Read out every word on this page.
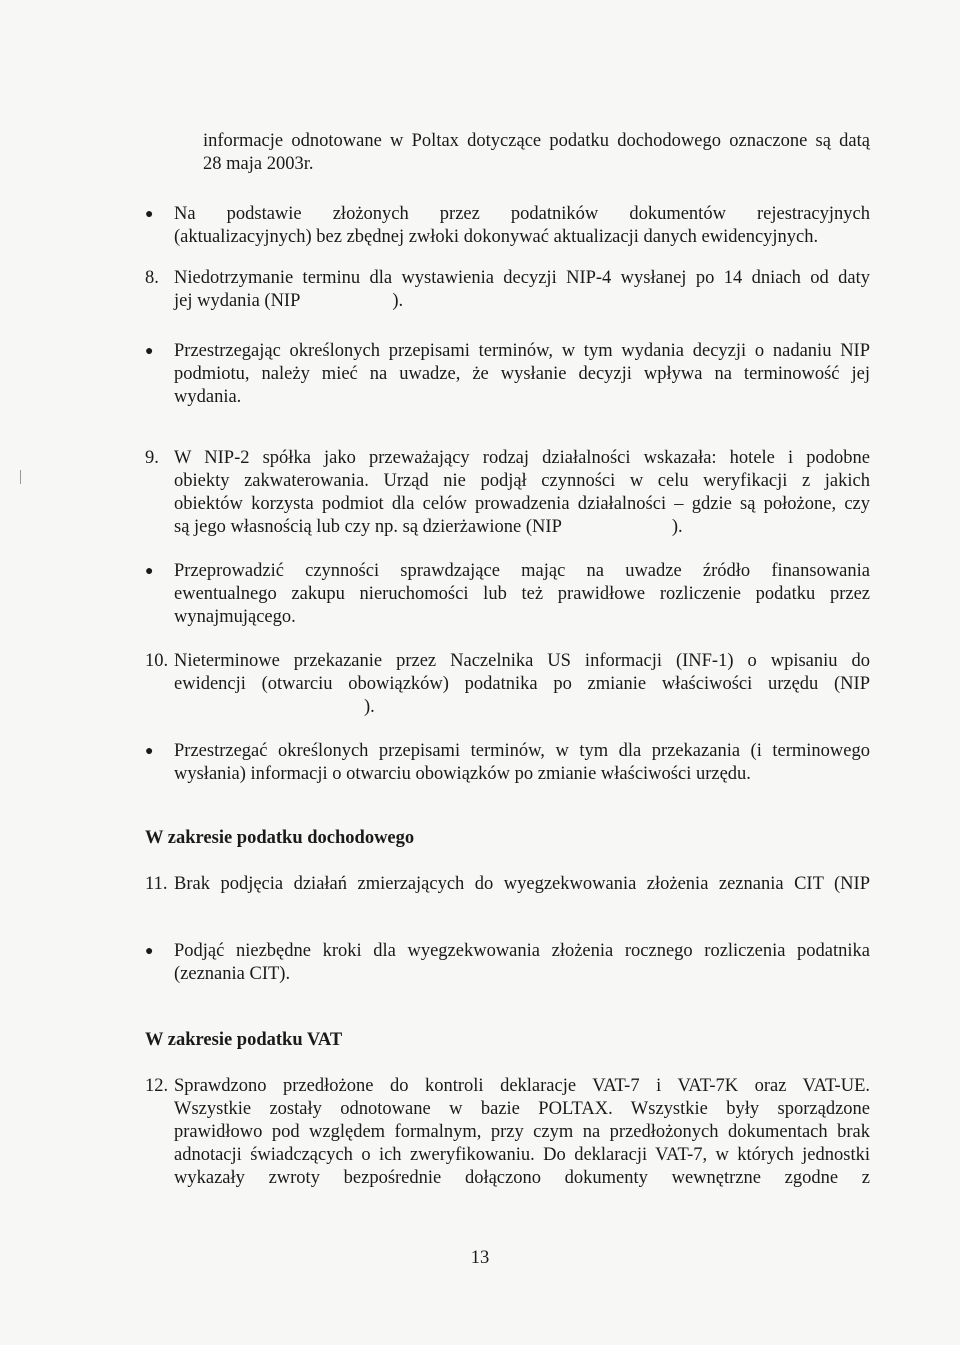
informacje odnotowane w Poltax dotyczące podatku dochodowego oznaczone są datą
28 maja 2003r.
●	Na podstawie złożonych przez podatników dokumentów rejestracyjnych
(aktualizacyjnych) bez zbędnej zwłoki dokonywać aktualizacji danych ewidencyjnych.
8. Niedotrzymanie terminu dla wystawienia decyzji NIP-4 wysłanej po 14 dniach od daty
jej wydania (NIP	).
●	Przestrzegając określonych przepisami terminów, w tym wydania decyzji o nadaniu NIP
podmiotu, należy mieć na uwadze, że wysłanie decyzji wpływa na terminowość jej
wydania.
9. W NIP-2 spółka jako przeważający rodzaj działalności wskazała: hotele i podobne
obiekty zakwaterowania. Urząd nie podjął czynności w celu weryfikacji z jakich
obiektów korzysta podmiot dla celów prowadzenia działalności – gdzie są położone, czy
są jego własnością lub czy np. są dzierżawione (NIP	).
●	Przeprowadzić czynności sprawdzające mając na uwadze źródło finansowania
ewentualnego zakupu nieruchomości lub też prawidłowe rozliczenie podatku przez
wynajmującego.
10. Nieterminowe przekazanie przez Naczelnika US informacji (INF-1) o wpisaniu do
ewidencji (otwarciu obowiązków) podatnika po zmianie właściwości urzędu (NIP
).
●	Przestrzegać określonych przepisami terminów, w tym dla przekazania (i terminowego
wysłania) informacji o otwarciu obowiązków po zmianie właściwości urzędu.
W zakresie podatku dochodowego
11. Brak podjęcia działań zmierzających do wyegzekwowania złożenia zeznania CIT (NIP
●	Podjąć niezbędne kroki dla wyegzekwowania złożenia rocznego rozliczenia podatnika
(zeznania CIT).
W zakresie podatku VAT
12. Sprawdzono przedłożone do kontroli deklaracje VAT-7 i VAT-7K oraz VAT-UE.
Wszystkie zostały odnotowane w bazie POLTAX. Wszystkie były sporządzone
prawidłowo pod względem formalnym, przy czym na przedłożonych dokumentach brak
adnotacji świadczących o ich zweryfikowaniu. Do deklaracji VAT-7, w których jednostki
wykazały zwroty bezpośrednie dołączono dokumenty wewnętrzne zgodne z
13
